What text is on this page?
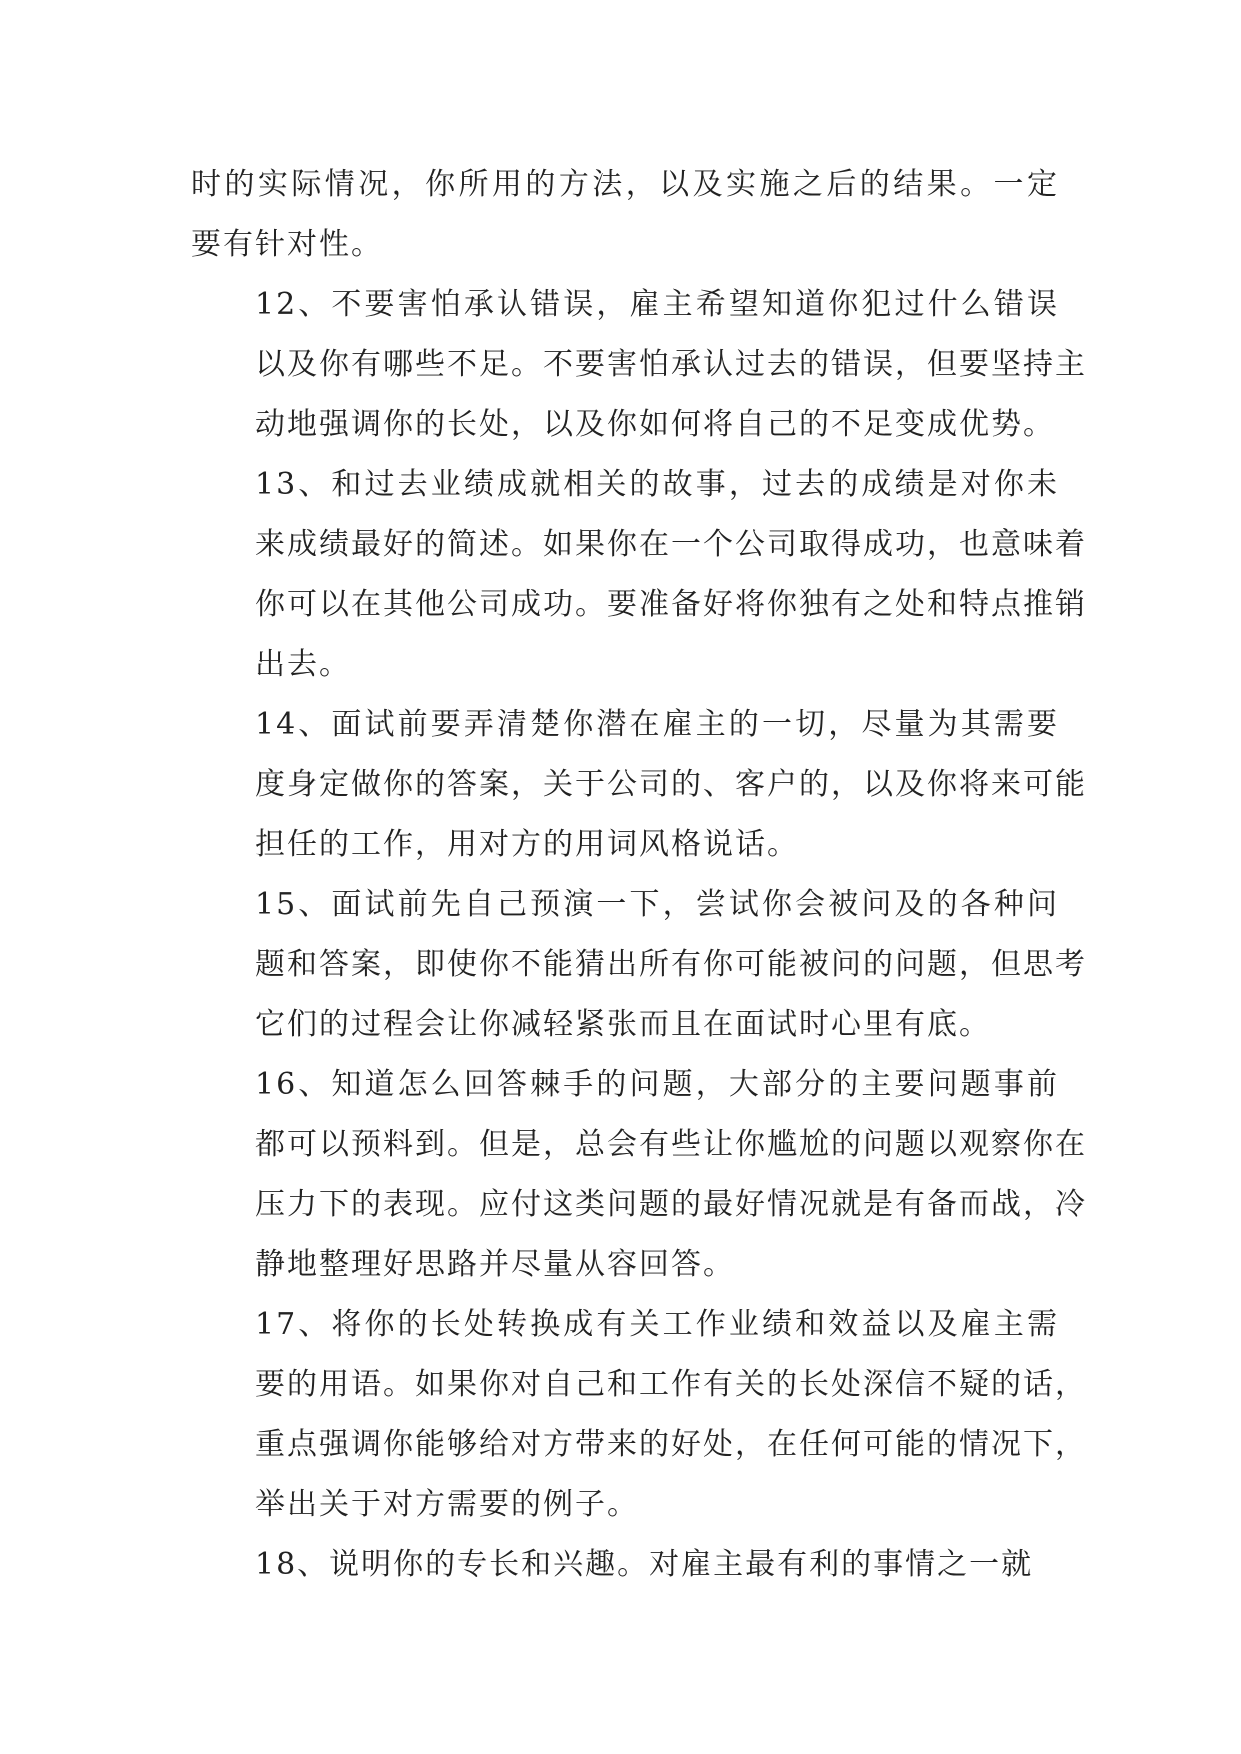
时的实际情况，你所用的方法，以及实施之后的结果。一定
要有针对性。

12、不要害怕承认错误，雇主希望知道你犯过什么错误
以及你有哪些不足。不要害怕承认过去的错误，但要坚持主
动地强调你的长处，以及你如何将自己的不足变成优势。

13、和过去业绩成就相关的故事，过去的成绩是对你未
来成绩最好的简述。如果你在一个公司取得成功，也意味着
你可以在其他公司成功。要准备好将你独有之处和特点推销
出去。

14、面试前要弄清楚你潜在雇主的一切，尽量为其需要
度身定做你的答案，关于公司的、客户的，以及你将来可能
担任的工作，用对方的用词风格说话。

15、面试前先自己预演一下，尝试你会被问及的各种问
题和答案，即使你不能猜出所有你可能被问的问题，但思考
它们的过程会让你减轻紧张而且在面试时心里有底。

16、知道怎么回答棘手的问题，大部分的主要问题事前
都可以预料到。但是，总会有些让你尴尬的问题以观察你在
压力下的表现。应付这类问题的最好情况就是有备而战，冷
静地整理好思路并尽量从容回答。

17、将你的长处转换成有关工作业绩和效益以及雇主需
要的用语。如果你对自己和工作有关的长处深信不疑的话，
重点强调你能够给对方带来的好处，在任何可能的情况下，
举出关于对方需要的例子。

18、说明你的专长和兴趣。对雇主最有利的事情之一就
